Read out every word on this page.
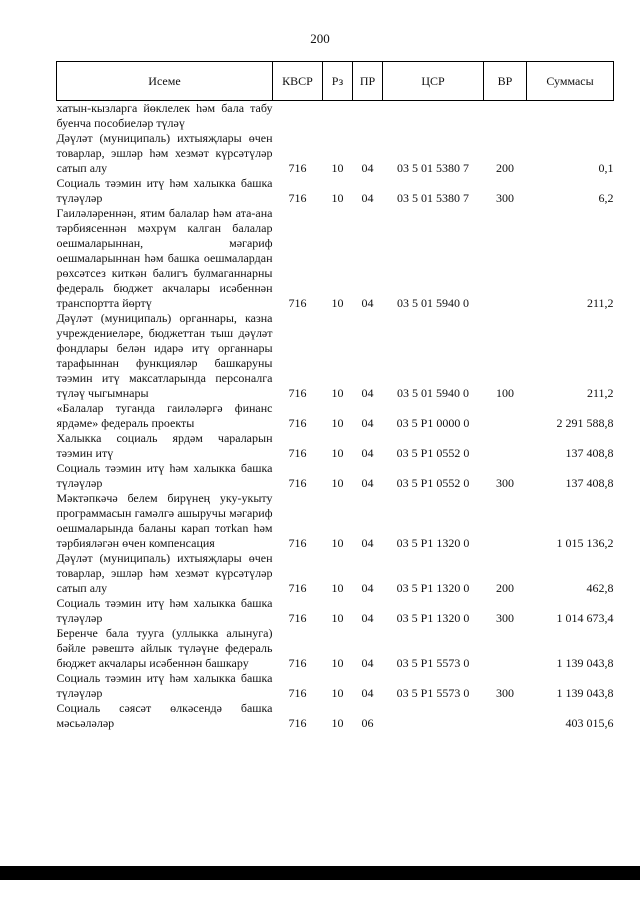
200
Исеме	КВСР	Рз	ПР	ЦСР	ВР	Суммасы
хатын-кызларга йөклелек һәм бала табу буенча пособиеләр түләү						
Дәүләт (муниципаль) ихтыяҗлары өчен товарлар, эшләр һәм хезмәт күрсәтүләр сатып алу	716	10	04	03 5 01 5380 7	200	0,1
Социаль тәэмин итү һәм халыкка башка түләүләр	716	10	04	03 5 01 5380 7	300	6,2
Гаиләләреннән, ятим балалар һәм ата-ана тәрбиясеннән мәхрүм калган балалар оешмаларыннан, мәгариф оешмаларыннан һәм башка оешмалардан рөхсәтсез киткән балигъ булмаганнарны федераль бюджет акчалары исәбеннән транспортта йөртү	716	10	04	03 5 01 5940 0		211,2
Дәүләт (муниципаль) органнары, казна учреждениеләре, бюджеттан тыш дәүләт фондлары белән идарә итү органнары тарафыннан функцияләр башкаруны тәэмин итү максатларында персоналга түләү чыгымнары	716	10	04	03 5 01 5940 0	100	211,2
«Балалар туганда гаиләләргә финанс ярдәме» федераль проекты	716	10	04	03 5 P1 0000 0		2 291 588,8
Халыкка социаль ярдәм чараларын тәэмин итү	716	10	04	03 5 P1 0552 0		137 408,8
Социаль тәэмин итү һәм халыкка башка түләүләр	716	10	04	03 5 P1 0552 0	300	137 408,8
Мәктәпкәчә белем бирүнең уку-укыту программасын гамәлгә ашыручы мәгариф оешмаларында баланы карап тотkan һәм тәрбияләгән өчен компенсация	716	10	04	03 5 P1 1320 0		1 015 136,2
Дәүләт (муниципаль) ихтыяҗлары өчен товарлар, эшләр һәм хезмәт күрсәтүләр сатып алу	716	10	04	03 5 P1 1320 0	200	462,8
Социаль тәэмин итү һәм халыкка башка түләүләр	716	10	04	03 5 P1 1320 0	300	1 014 673,4
Беренче бала туугa (уллыкка алынуга) бәйле рәвештә айлык түләүне федераль бюджет акчалары исәбеннән башкару	716	10	04	03 5 P1 5573 0		1 139 043,8
Социаль тәэмин итү һәм халыкка башка түләүләр	716	10	04	03 5 P1 5573 0	300	1 139 043,8
Социаль сәясәт өлкәсендә башка мәсьәләләр	716	10	06			403 015,6
